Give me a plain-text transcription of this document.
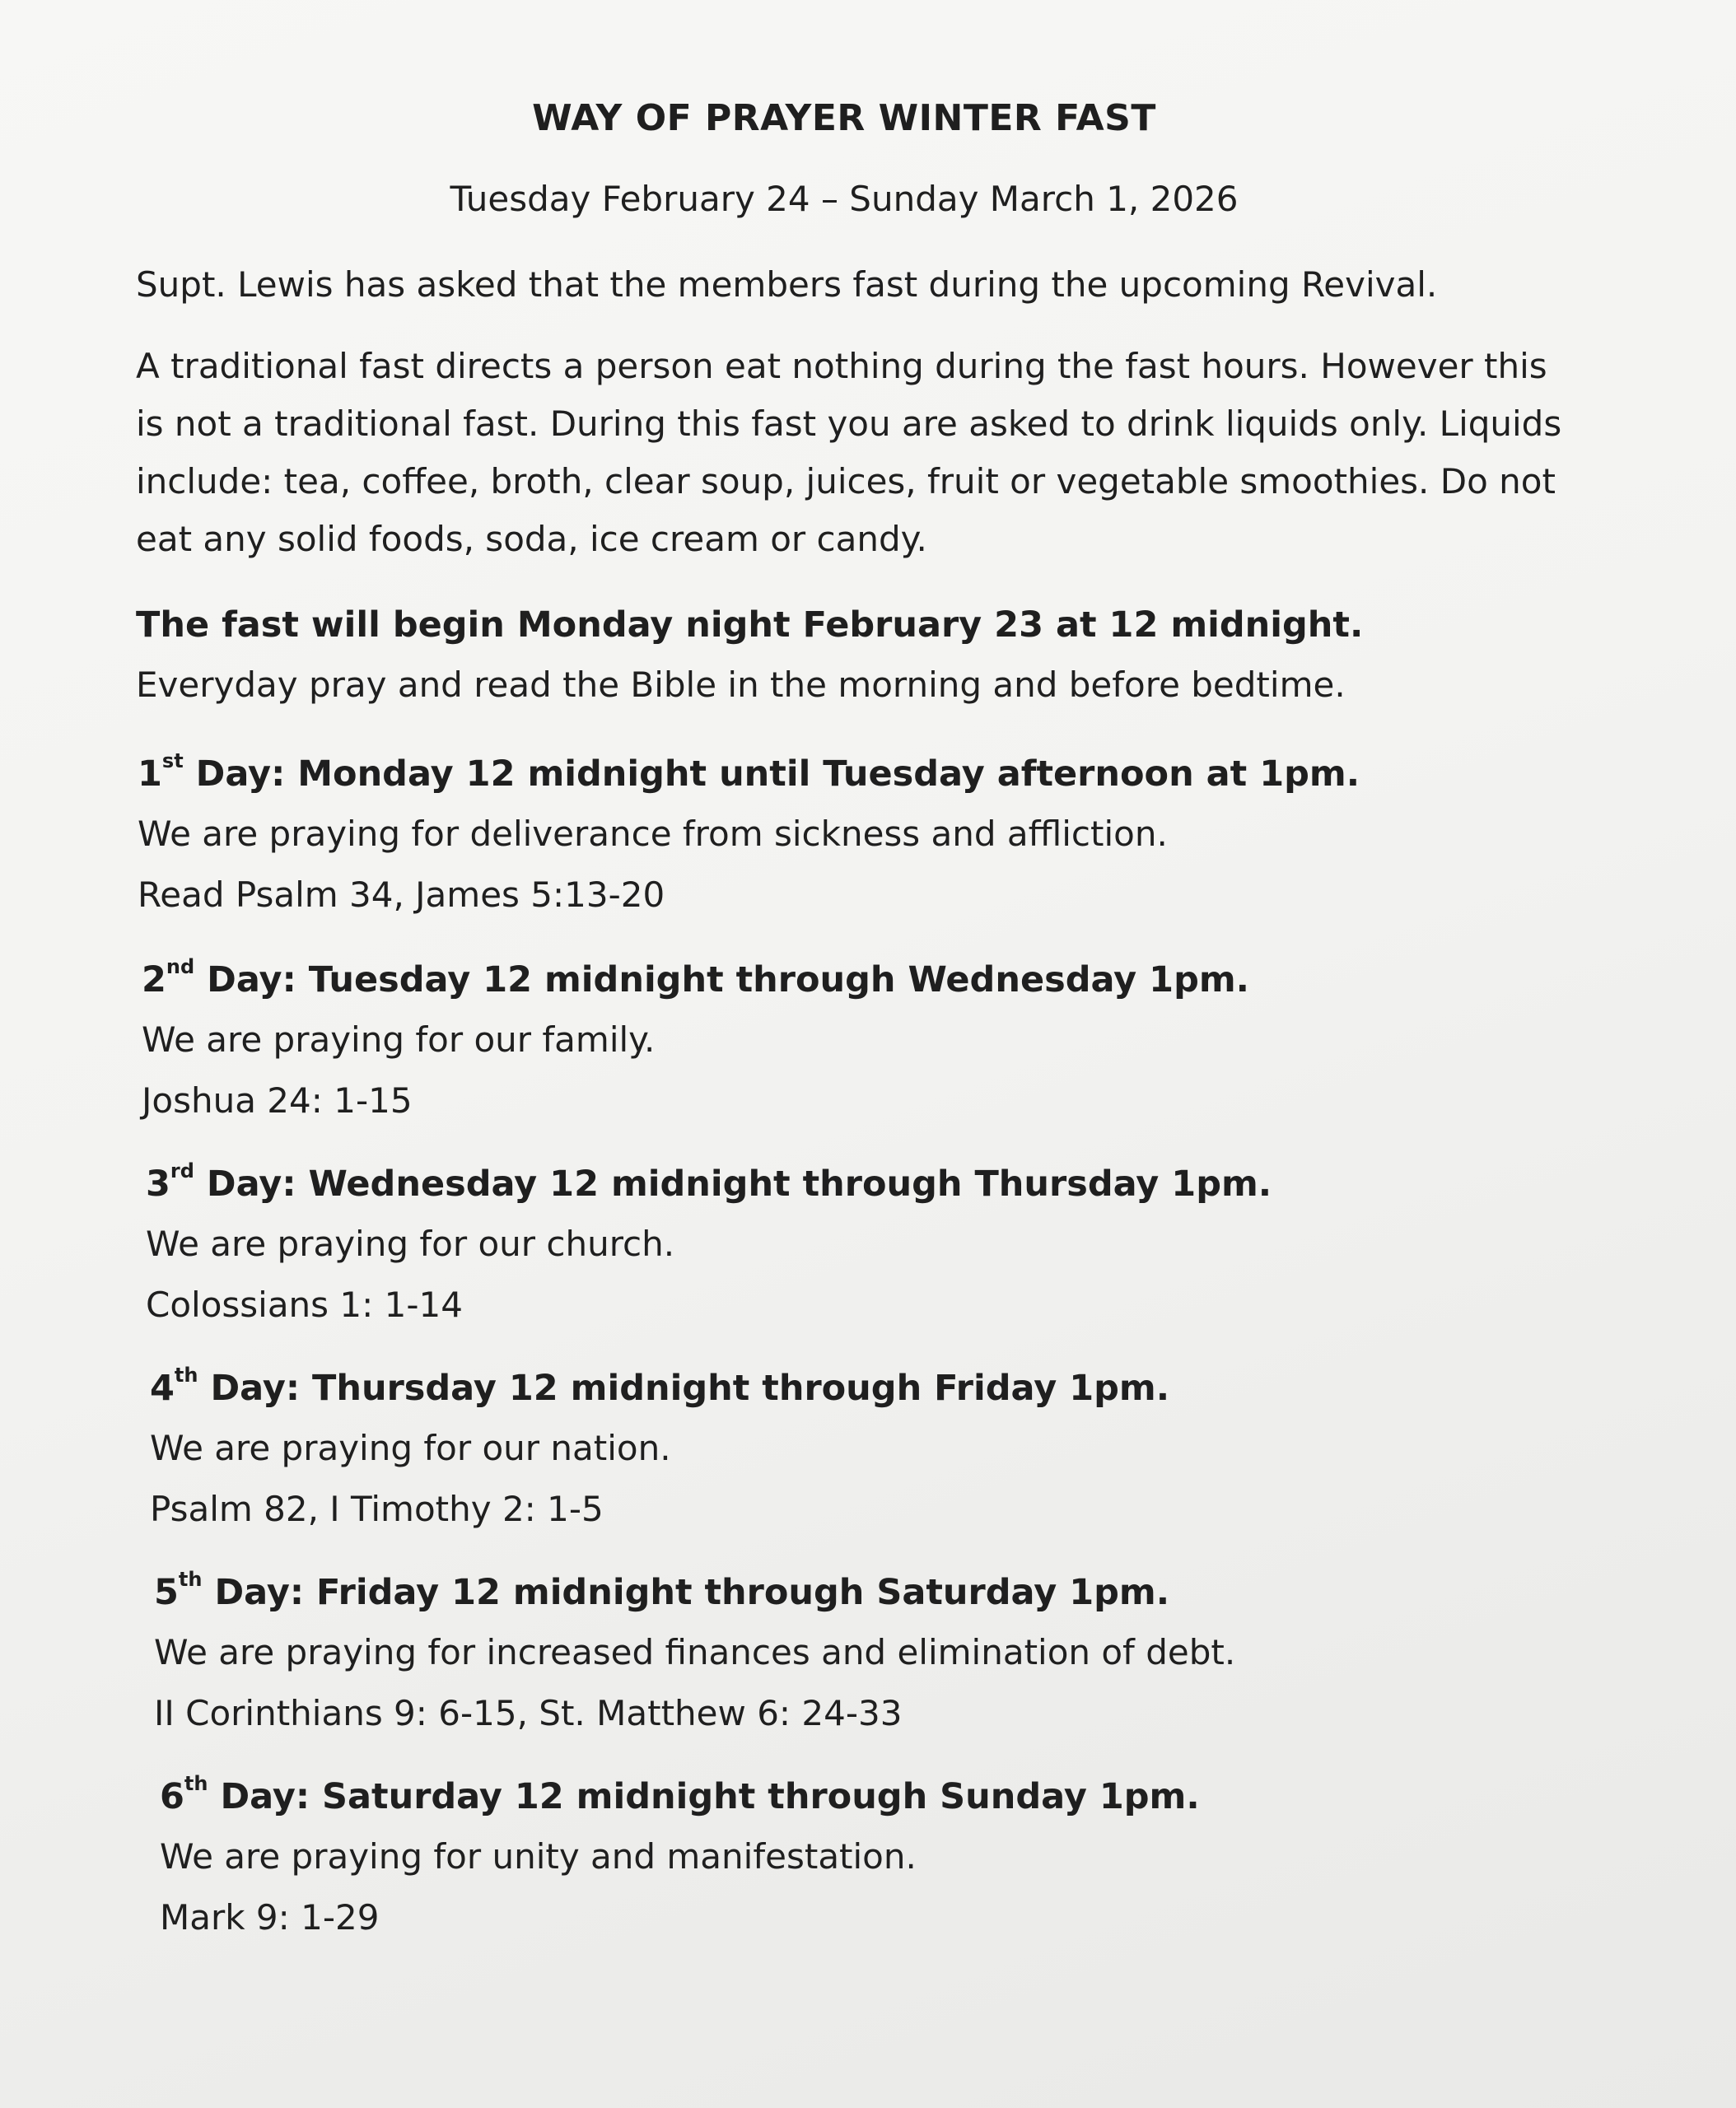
WAY OF PRAYER WINTER FAST
Tuesday February 24 – Sunday March 1, 2026
Supt. Lewis has asked that the members fast during the upcoming Revival.
A traditional fast directs a person eat nothing during the fast hours. However this is not a traditional fast. During this fast you are asked to drink liquids only. Liquids include: tea, coffee, broth, clear soup, juices, fruit or vegetable smoothies. Do not eat any solid foods, soda, ice cream or candy.
The fast will begin Monday night February 23 at 12 midnight.
Everyday pray and read the Bible in the morning and before bedtime.
1st Day: Monday 12 midnight until Tuesday afternoon at 1pm.
We are praying for deliverance from sickness and affliction.
Read Psalm 34, James 5:13-20
2nd Day: Tuesday 12 midnight through Wednesday 1pm.
We are praying for our family.
Joshua 24: 1-15
3rd Day: Wednesday 12 midnight through Thursday 1pm.
We are praying for our church.
Colossians 1: 1-14
4th Day: Thursday 12 midnight through Friday 1pm.
We are praying for our nation.
Psalm 82, I Timothy 2: 1-5
5th Day: Friday 12 midnight through Saturday 1pm.
We are praying for increased finances and elimination of debt.
II Corinthians 9: 6-15, St. Matthew 6: 24-33
6th Day: Saturday 12 midnight through Sunday 1pm.
We are praying for unity and manifestation.
Mark 9: 1-29
